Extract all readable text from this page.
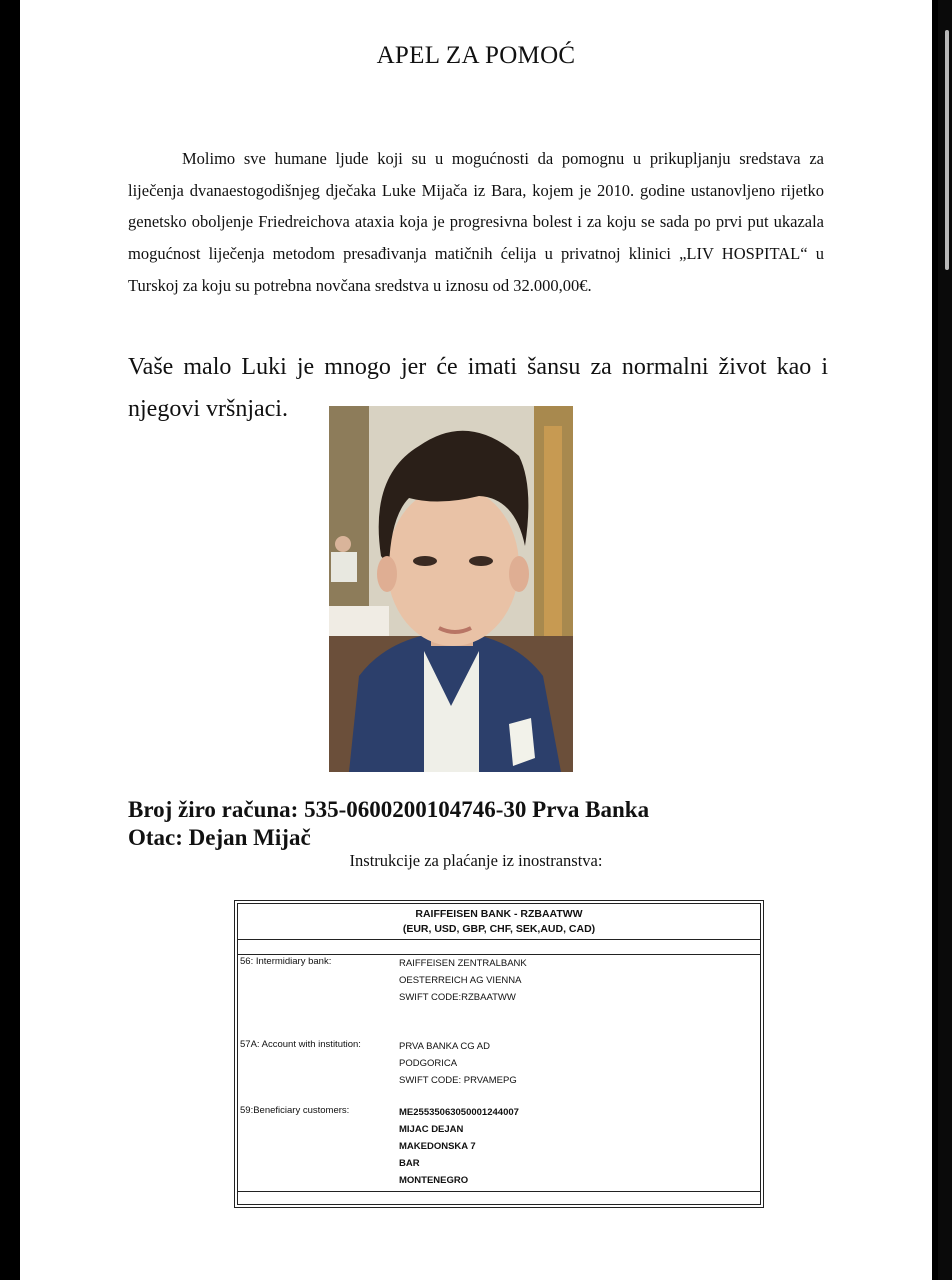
APEL ZA POMOĆ

Molimo sve humane ljude koji su u mogućnosti da pomognu u prikupljanju sredstava za liječenja dvanaestogodišnjeg dječaka Luke Mijača iz Bara, kojem je 2010. godine ustanovljeno rijetko genetsko oboljenje Friedreichova ataxia koja je progresivna bolest i za koju se sada po prvi put ukazala mogućnost liječenja metodom presađivanja matičnih ćelija u privatnoj klinici „LIV HOSPITAL“ u Turskoj za koju su potrebna novčana sredstva u iznosu od 32.000,00€.

Vaše malo Luki je mnogo jer će imati šansu za normalni život kao i njegovi vršnjaci.

Broj žiro računa: 535-0600200104746-30 Prva Banka
Otac: Dejan Mijač
Instrukcije za plaćanje iz inostranstva:
RAIFFEISEN BANK - RZBAATWW
(EUR, USD, GBP, CHF, SEK,AUD, CAD)
56: Intermidiary bank:	RAIFFEISEN ZENTRALBANK
OESTERREICH AG VIENNA
SWIFT CODE:RZBAATWW
57A: Account with institution:	PRVA BANKA CG AD
PODGORICA
SWIFT CODE: PRVAMEPG
59:Beneficiary customers:	ME25535063050001244007
MIJAC DEJAN
MAKEDONSKA 7
BAR
MONTENEGRO
